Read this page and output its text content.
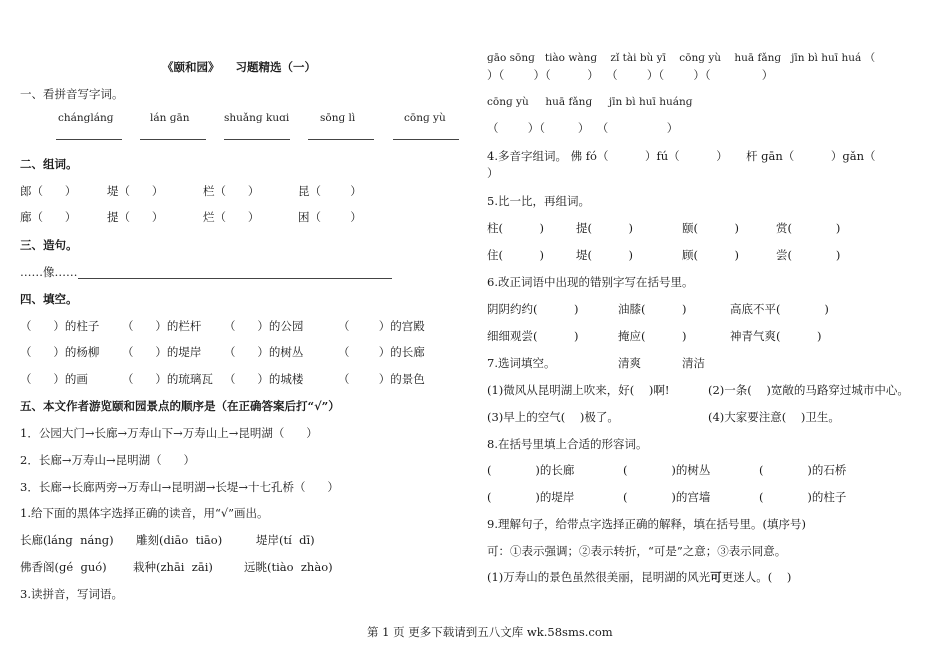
《颐和园》    习题精选（一）
一、看拼音写字词。
chánglánɡ	lán ɡān	shuǎnɡ kuɑi	sōnɡ lì	cōnɡ yù
二、组词。
郎（      ）	堤（      ）	栏（      ）	昆（        ）
廊（      ）	提（      ）	烂（      ）	困（        ）
三、造句。
……像……
四、填空。
（      ）的柱子 （      ）的栏杆 （      ）的公园	（        ）的宫殿
（      ）的杨柳 （      ）的堤岸 （      ）的树丛	（        ）的长廊
（      ）的画	（      ）的琉璃瓦 （      ）的城楼	（        ）的景色
五、本文作者游览颐和园景点的顺序是（在正确答案后打“√”）
1．公园大门→长廊→万寿山下→万寿山上→昆明湖（      ）
2．长廊→万寿山→昆明湖（      ）
3．长廊→长廊两旁→万寿山→昆明湖→长堤→十七孔桥（      ）
1.给下面的黑体字选择正确的读音，用“√”画出。
长廊(lánɡ  nánɡ) 雕刻(diāo  tiāo)	堤岸(tí  dī)
佛香阁(ɡé  ɡuó) 栽种(zhāi  zāi)	远眺(tiào  zhào)
3.读拼音，写词语。
ɡāo sōnɡ   tiào wànɡ    zǐ tài bù yī    cōnɡ yù    huā fǎnɡ   jīn bì huī huá （
）（        ）（          ）  （        ）（        ）（              ）
cōnɡ yù     huā fǎnɡ     jīn bì huī huánɡ
（        ）（         ）  （                ）
4.多音字组词。 佛 fó（          ）fú（          ）     杆 ɡān（          ）ɡǎn（
）
5.比一比，再组词。
柱(          )	提(          )	颐(          )	赏(            )
住(          )	堤(          )	顾(          )	尝(            )
6.改正词语中出现的错别字写在括号里。
阴阴约约(          )	油膝(          )	高底不平(            )
细细观尝(          )	掩应(          )	神青气爽(          )
7.选词填空。	清爽	清洁
(1)微风从昆明湖上吹来，好(    )啊!	(2)一条(    )宽敞的马路穿过城市中心。
(3)早上的空气(    )极了。	(4)大家要注意(    )卫生。
8.在括号里填上合适的形容词。
(            )的长廊	(            )的树丛	(            )的石桥
(            )的堤岸	(            )的宫墙	(            )的柱子
9.理解句子，给带点字选择正确的解释，填在括号里。(填序号)
可：①表示强调；②表示转折，“可是”之意；③表示同意。
(1)万寿山的景色虽然很美丽，昆明湖的风光可更迷人。(    )
第 1 页 更多下载请到五八文库 wk.58sms.com
